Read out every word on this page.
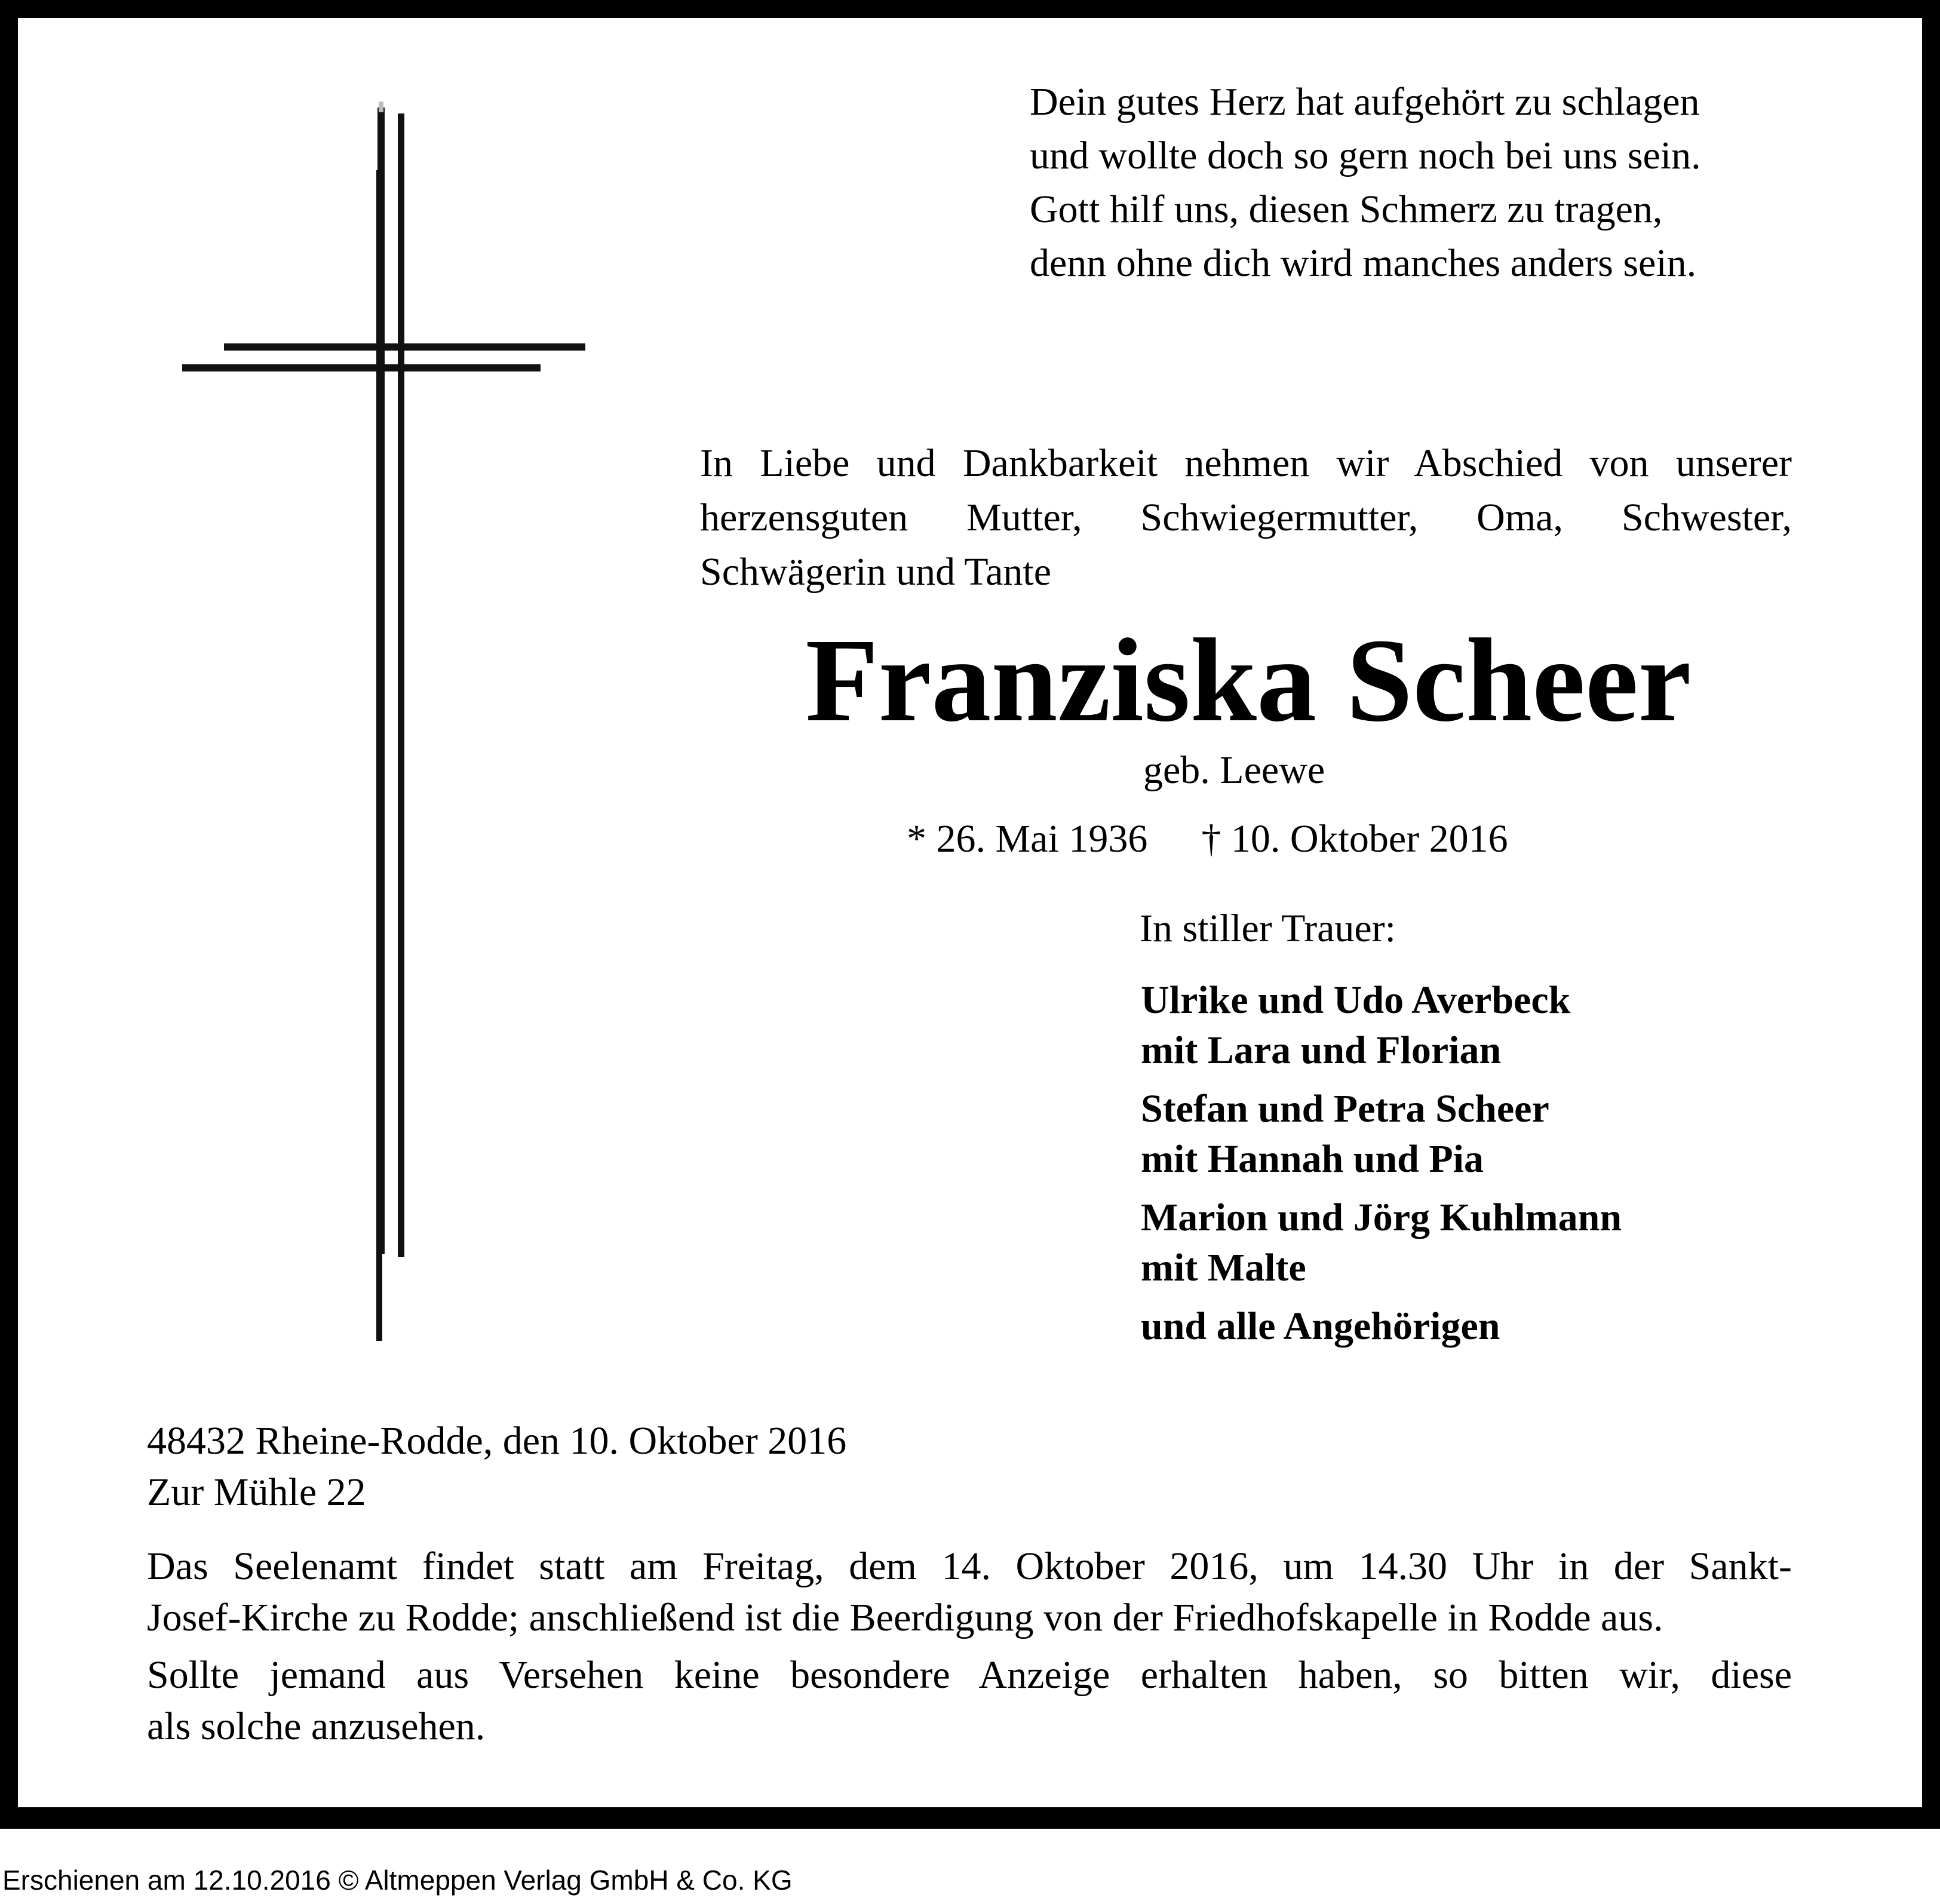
Dein gutes Herz hat aufgehört zu schlagen
und wollte doch so gern noch bei uns sein.
Gott hilf uns, diesen Schmerz zu tragen,
denn ohne dich wird manches anders sein.
In Liebe und Dankbarkeit nehmen wir Abschied von unserer
herzensguten Mutter, Schwiegermutter, Oma, Schwester,
Schwägerin und Tante
Franziska Scheer
geb. Leewe
* 26. Mai 1936 † 10. Oktober 2016
In stiller Trauer:
Ulrike und Udo Averbeck
mit Lara und Florian
Stefan und Petra Scheer
mit Hannah und Pia
Marion und Jörg Kuhlmann
mit Malte
und alle Angehörigen
48432 Rheine-Rodde, den 10. Oktober 2016
Zur Mühle 22
Das Seelenamt findet statt am Freitag, dem 14. Oktober 2016, um 14.30 Uhr in der Sankt-
Josef-Kirche zu Rodde; anschließend ist die Beerdigung von der Friedhofskapelle in Rodde aus.
Sollte jemand aus Versehen keine besondere Anzeige erhalten haben, so bitten wir, diese
als solche anzusehen.
Erschienen am 12.10.2016 © Altmeppen Verlag GmbH & Co. KG
